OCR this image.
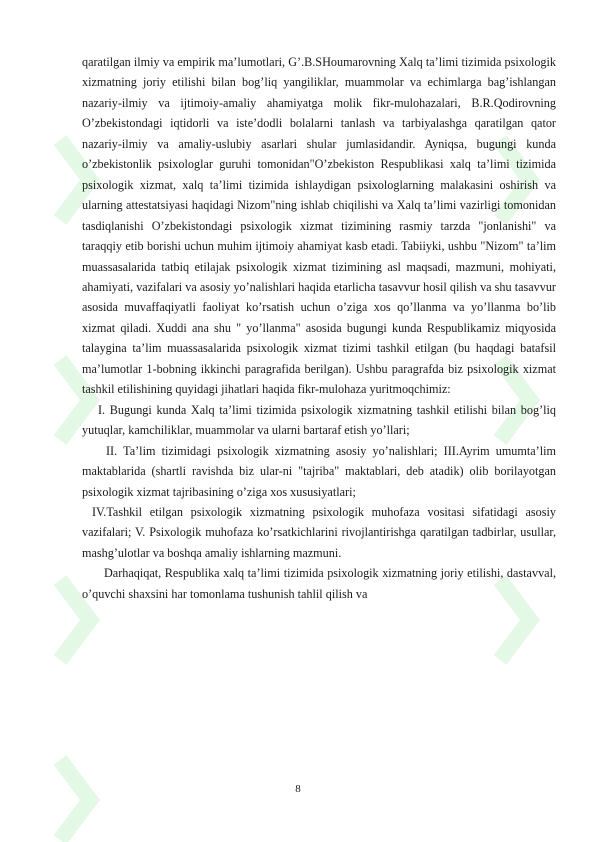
qaratilgan ilmiy va empirik ma’lumotlari, G’.B.SHoumarovning Xalq ta’limi tizimida psixologik xizmatning joriy etilishi bilan bog’liq yangiliklar, muammolar va echimlarga bag’ishlangan nazariy-ilmiy va ijtimoiy-amaliy ahamiyatga molik fikr-mulohazalari, B.R.Qodirovning O’zbekistondagi iqtidorli va iste’dodli bolalarni tanlash va tarbiyalashga qaratilgan qator nazariy-ilmiy va amaliy-uslubiy asarlari shular jumlasidandir. Ayniqsa, bugungi kunda o’zbekistonlik psixologlar guruhi tomonidan"O’zbekiston Respublikasi xalq ta’limi tizimida psixologik xizmat, xalq ta’limi tizimida ishlaydigan psixologlarning malakasini oshirish va ularning attestatsiyasi haqidagi Nizom"ning ishlab chiqilishi va Xalq ta’limi vazirligi tomonidan tasdiqlanishi O’zbekistondagi psixologik xizmat tizimining rasmiy tarzda "jonlanishi" va taraqqiy etib borishi uchun muhim ijtimoiy ahamiyat kasb etadi. Tabiiyki, ushbu "Nizom" ta’lim muassasalarida tatbiq etilajak psixologik xizmat tizimining asl maqsadi, mazmuni, mohiyati, ahamiyati, vazifalari va asosiy yo’nalishlari haqida etarlicha tasavvur hosil qilish va shu tasavvur asosida muvaffaqiyatli faoliyat ko’rsatish uchun o’ziga xos qo’llanma va yo’llanma bo’lib xizmat qiladi. Xuddi ana shu " yo’llanma" asosida bugungi kunda Respublikamiz miqyosida talaygina ta’lim muassasalarida psixologik xizmat tizimi tashkil etilgan (bu haqdagi batafsil ma’lumotlar 1-bobning ikkinchi paragrafida berilgan). Ushbu paragrafda biz psixologik xizmat tashkil etilishining quyidagi jihatlari haqida fikr-mulohaza yuritmoqchimiz:

I. Bugungi kunda Xalq ta’limi tizimida psixologik xizmatning tashkil etilishi bilan bog’liq yutuqlar, kamchiliklar, muammolar va ularni bartaraf etish yo’llari;

II. Ta’lim tizimidagi psixologik xizmatning asosiy yo’nalishlari; III.Ayrim umumta’lim maktablarida (shartli ravishda biz ular-ni "tajriba" maktablari, deb atadik) olib borilayotgan psixologik xizmat tajribasining o’ziga xos xususiyatlari;

IV.Tashkil etilgan psixologik xizmatning psixologik muhofaza vositasi sifatidagi asosiy vazifalari; V. Psixologik muhofaza ko’rsatkichlarini rivojlantirishga qaratilgan tadbirlar, usullar, mashg’ulotlar va boshqa amaliy ishlarning mazmuni.

Darhaqiqat, Respublika xalq ta’limi tizimida psixologik xizmatning joriy etilishi, dastavval, o’quvchi shaxsini har tomonlama tushunish tahlil qilish va

8
